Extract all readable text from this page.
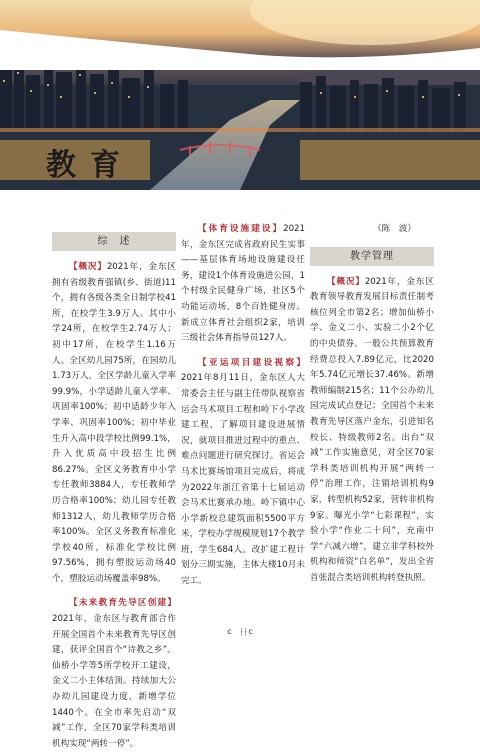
教育
综　述

【概况】2021年，金东区拥有省级教育强镇(乡、街道)11个，拥有各级各类全日制学校41所，在校学生3.9万人。其中小学24所，在校学生2.74万人；初中17所，在校学生1.16万人。全区幼儿园75所，在园幼儿1.73万人，全区学龄儿童入学率99.9%，小学适龄儿童入学率、巩固率100%；初中适龄少年入学率、巩固率100%；初中毕业生升入高中段学校比例99.1%，升入优质高中段招生比例86.27%。全区义务教育中小学专任教师3884人，专任教师学历合格率100%；幼儿园专任教师1312人，幼儿教师学历合格率100%。全区义务教育标准化学校40所，标准化学校比例97.56%，拥有塑胶运动场40个，塑胶运动场覆盖率98%。

【未来教育先导区创建】2021年，金东区与教育部合作开展全国首个未来教育先导区创建，获评全国首个“诗教之乡”。仙桥小学等5所学校开工建设，金义二小主体结顶。持续加大公办幼儿园建设力度，新增学位1440个。在全市率先启动“双减”工作，全区70家学科类培训机构实现“两转一停”。

【体育设施建设】2021年，金东区完成省政府民生实事——基层体育场地设施建设任务，建设1个体育设施进公园，1个村级全民健身广场，社区5个功能运动场，8个百姓健身房。新成立体育社会组织2家，培训三级社会体育指导员127人。

【亚运项目建设视察】2021年8月11日，金东区人大常委会主任与副主任带队视察省运会马术项目工程和岭下小学改建工程，了解项目建设进展情况，就项目推进过程中的重点、难点问题进行研究探讨。省运会马术比赛场馆项目完成后，将成为2022年浙江省第十七届运动会马术比赛承办地。岭下镇中心小学新校总建筑面积5500平方米，学校办学规模规划17个教学班，学生684人。改扩建工程计划分三期实施，主体大楼10月未完工。

（陈　波）

教学管理

【概况】2021年，金东区教育领导教育发展目标责任制考核位列全市第2名；增加仙桥小学、金义二小、实验二小2个亿的中央债券。一般公共预算教育经费总投入7.89亿元，比2020年5.74亿元增长37.46%。新增教师编制215名；11个公办幼儿园完成试点登记；全国首个未来教育先导区落户金东，引进知名校长、特级教师2名。出台“双减”工作实施意见，对全区70家学科类培训机构开展“两转一停”治理工作，注销培训机构9家，转型机构52家，营转非机构9家。曝光小学“七彩课程”，实验小学“作业二十问”，充南中学“六减六增”，建立非学科校外机构和师资“白名单”，发出全省首张混合类培训机构转登执照。

c　⸠⸠c
